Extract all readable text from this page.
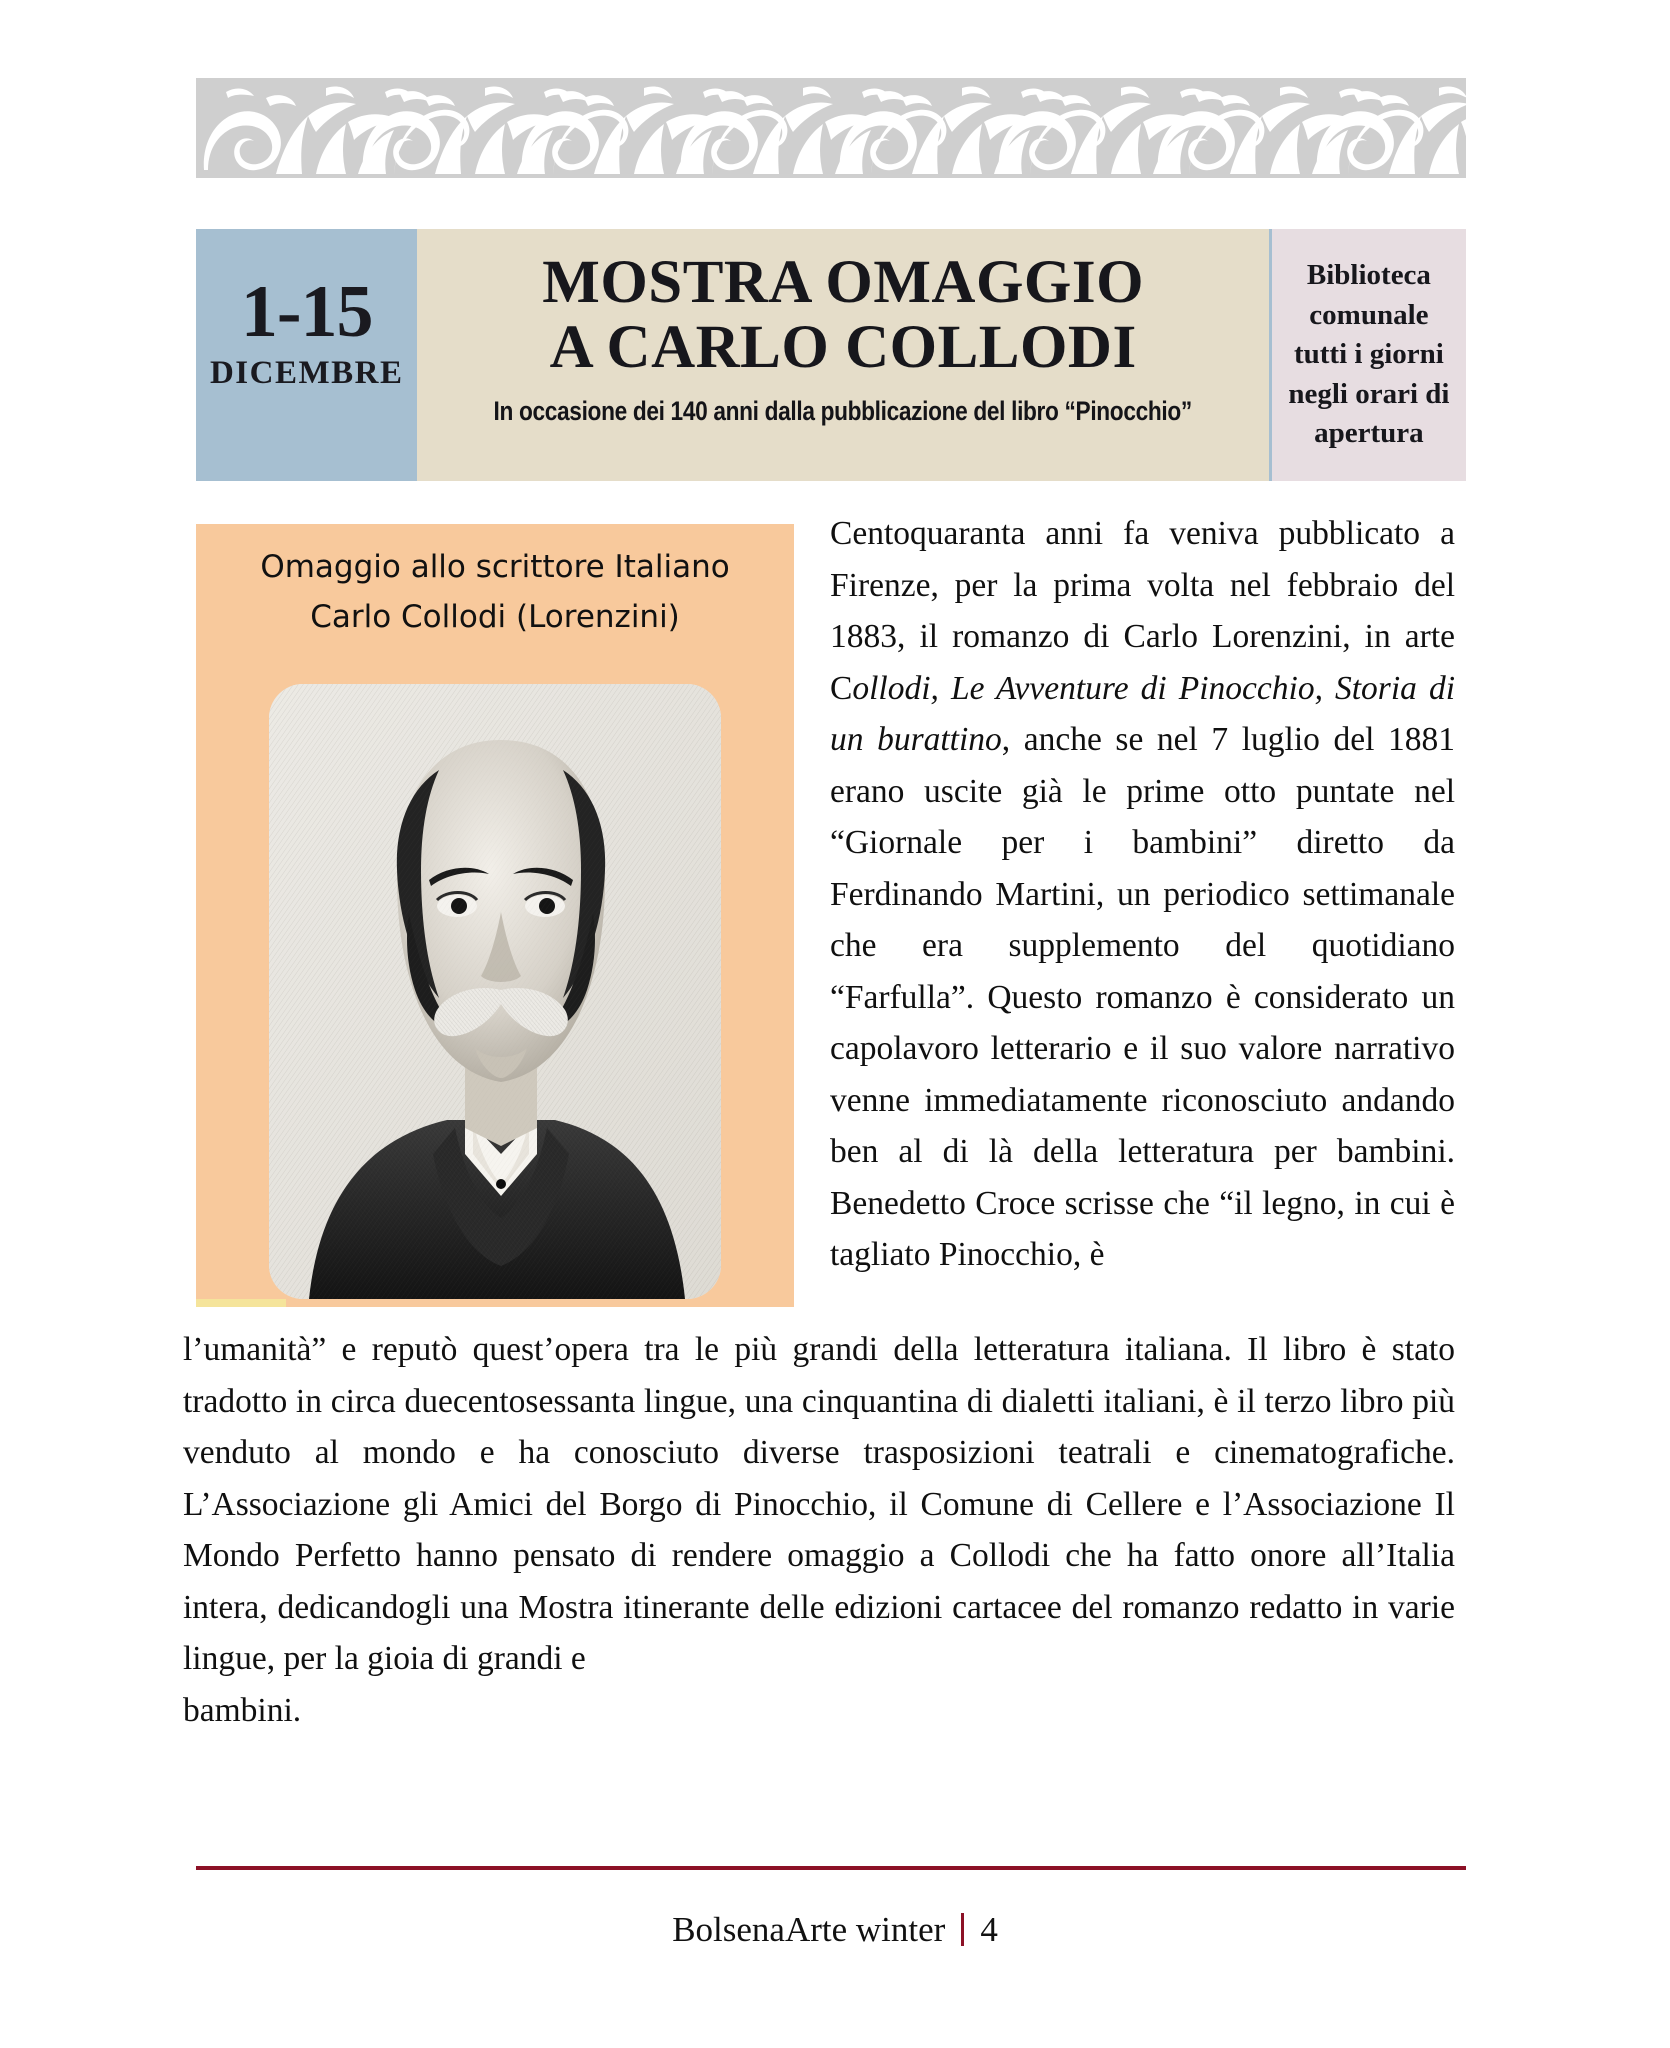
1-15
DICEMBRE
MOSTRA OMAGGIO
A CARLO COLLODI
In occasione dei 140 anni dalla pubblicazione del libro “Pinocchio”
Biblioteca
comunale
tutti i giorni
negli orari di
apertura
Omaggio allo scrittore Italiano
Carlo Collodi (Lorenzini)
Centoquaranta anni fa veniva pubblicato a Firenze, per la prima volta nel febbraio del 1883, il romanzo di Carlo Lorenzini, in arte Collodi, Le Avventure di Pinocchio, Storia di un burattino, anche se nel 7 luglio del 1881 erano uscite già le prime otto puntate nel “Giornale per i bambini” diretto da Ferdinando Martini, un periodico settimanale che era supplemento del quotidiano “Farfulla”. Questo romanzo è considerato un capolavoro letterario e il suo valore narrativo venne immediatamente riconosciuto andando ben al di là della letteratura per bambini. Benedetto Croce scrisse che “il legno, in cui è tagliato Pinocchio, è
l’umanità” e reputò quest’opera tra le più grandi della letteratura italiana. Il libro è stato tradotto in circa duecentosessanta lingue, una cinquantina di dialetti italiani, è il terzo libro più venduto al mondo e ha conosciuto diverse trasposizioni teatrali e cinematografiche. L’Associazione gli Amici del Borgo di Pinocchio, il Comune di Cellere e l’Associazione Il Mondo Perfetto hanno pensato di rendere omaggio a Collodi che ha fatto onore all’Italia intera, dedicandogli una Mostra itinerante delle edizioni cartacee del romanzo redatto in varie lingue, per la gioia di grandi e
bambini.
BolsenaArte winter 4
